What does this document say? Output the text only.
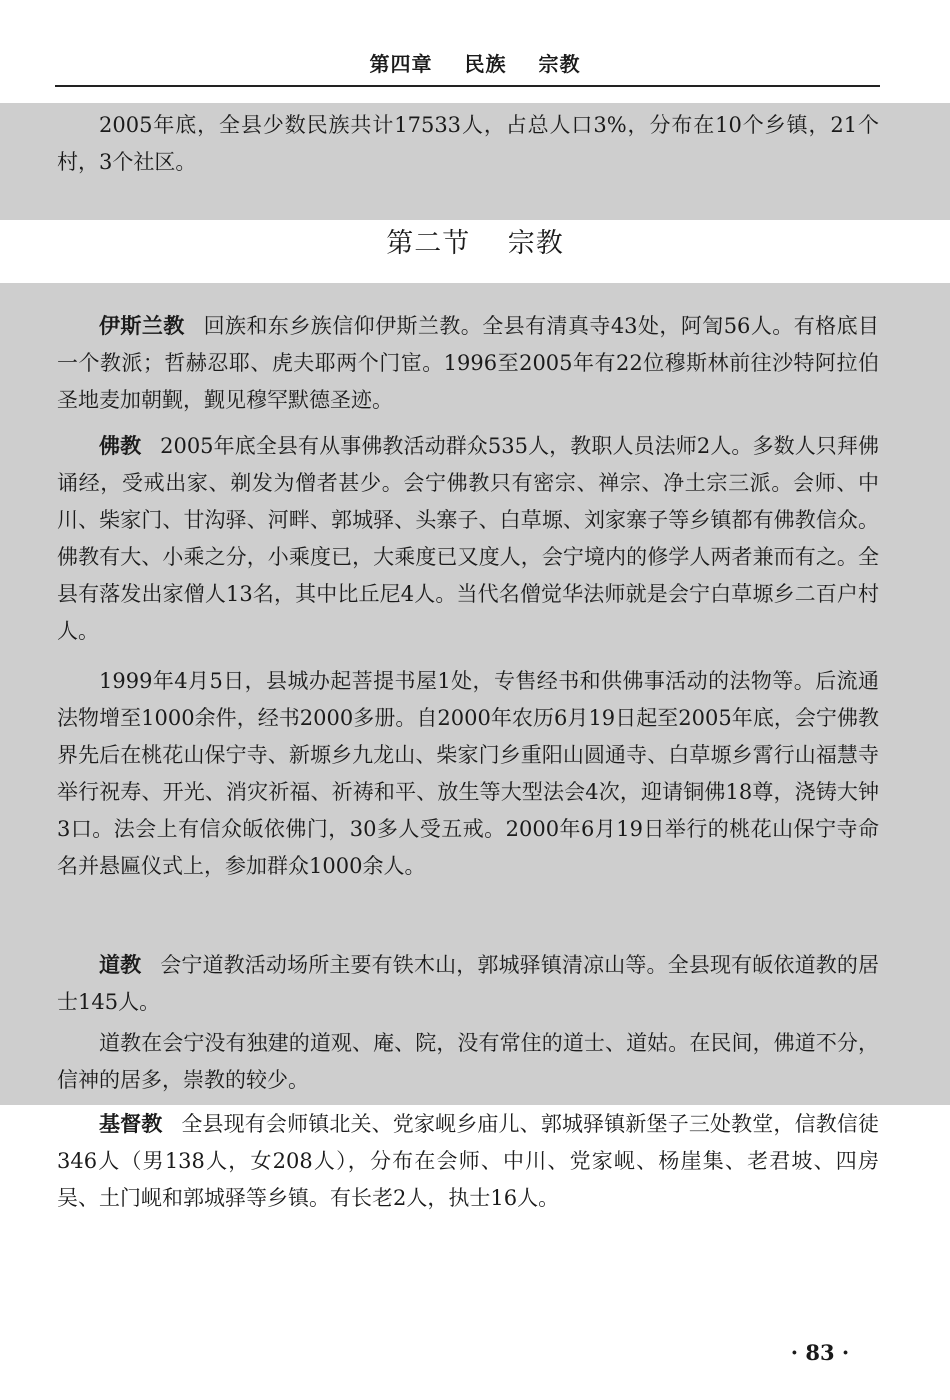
第四章 民族 宗教

2005年底，全县少数民族共计17533人，占总人口3%，分布在10个乡镇，21个村，3个社区。

第二节 宗教

伊斯兰教 回族和东乡族信仰伊斯兰教。全县有清真寺43处，阿訇56人。有格底目一个教派；哲赫忍耶、虎夫耶两个门宦。1996至2005年有22位穆斯林前往沙特阿拉伯圣地麦加朝觐，觐见穆罕默德圣迹。

佛教 2005年底全县有从事佛教活动群众535人，教职人员法师2人。多数人只拜佛诵经，受戒出家、剃发为僧者甚少。会宁佛教只有密宗、禅宗、净土宗三派。会师、中川、柴家门、甘沟驿、河畔、郭城驿、头寨子、白草塬、刘家寨子等乡镇都有佛教信众。佛教有大、小乘之分，小乘度已，大乘度已又度人，会宁境内的修学人两者兼而有之。全县有落发出家僧人13名，其中比丘尼4人。当代名僧觉华法师就是会宁白草塬乡二百户村人。

1999年4月5日，县城办起菩提书屋1处，专售经书和供佛事活动的法物等。后流通法物增至1000余件，经书2000多册。自2000年农历6月19日起至2005年底，会宁佛教界先后在桃花山保宁寺、新塬乡九龙山、柴家门乡重阳山圆通寺、白草塬乡霄行山福慧寺举行祝寿、开光、消灾祈福、祈祷和平、放生等大型法会4次，迎请铜佛18尊，浇铸大钟3口。法会上有信众皈依佛门，30多人受五戒。2000年6月19日举行的桃花山保宁寺命名并悬匾仪式上，参加群众1000余人。

道教 会宁道教活动场所主要有铁木山，郭城驿镇清凉山等。全县现有皈依道教的居士145人。

道教在会宁没有独建的道观、庵、院，没有常住的道士、道姑。在民间，佛道不分，信神的居多，崇教的较少。

基督教 全县现有会师镇北关、党家岘乡庙儿、郭城驿镇新堡子三处教堂，信教信徒346人（男138人，女208人），分布在会师、中川、党家岘、杨崖集、老君坡、四房吴、土门岘和郭城驿等乡镇。有长老2人，执士16人。

· 83 ·
